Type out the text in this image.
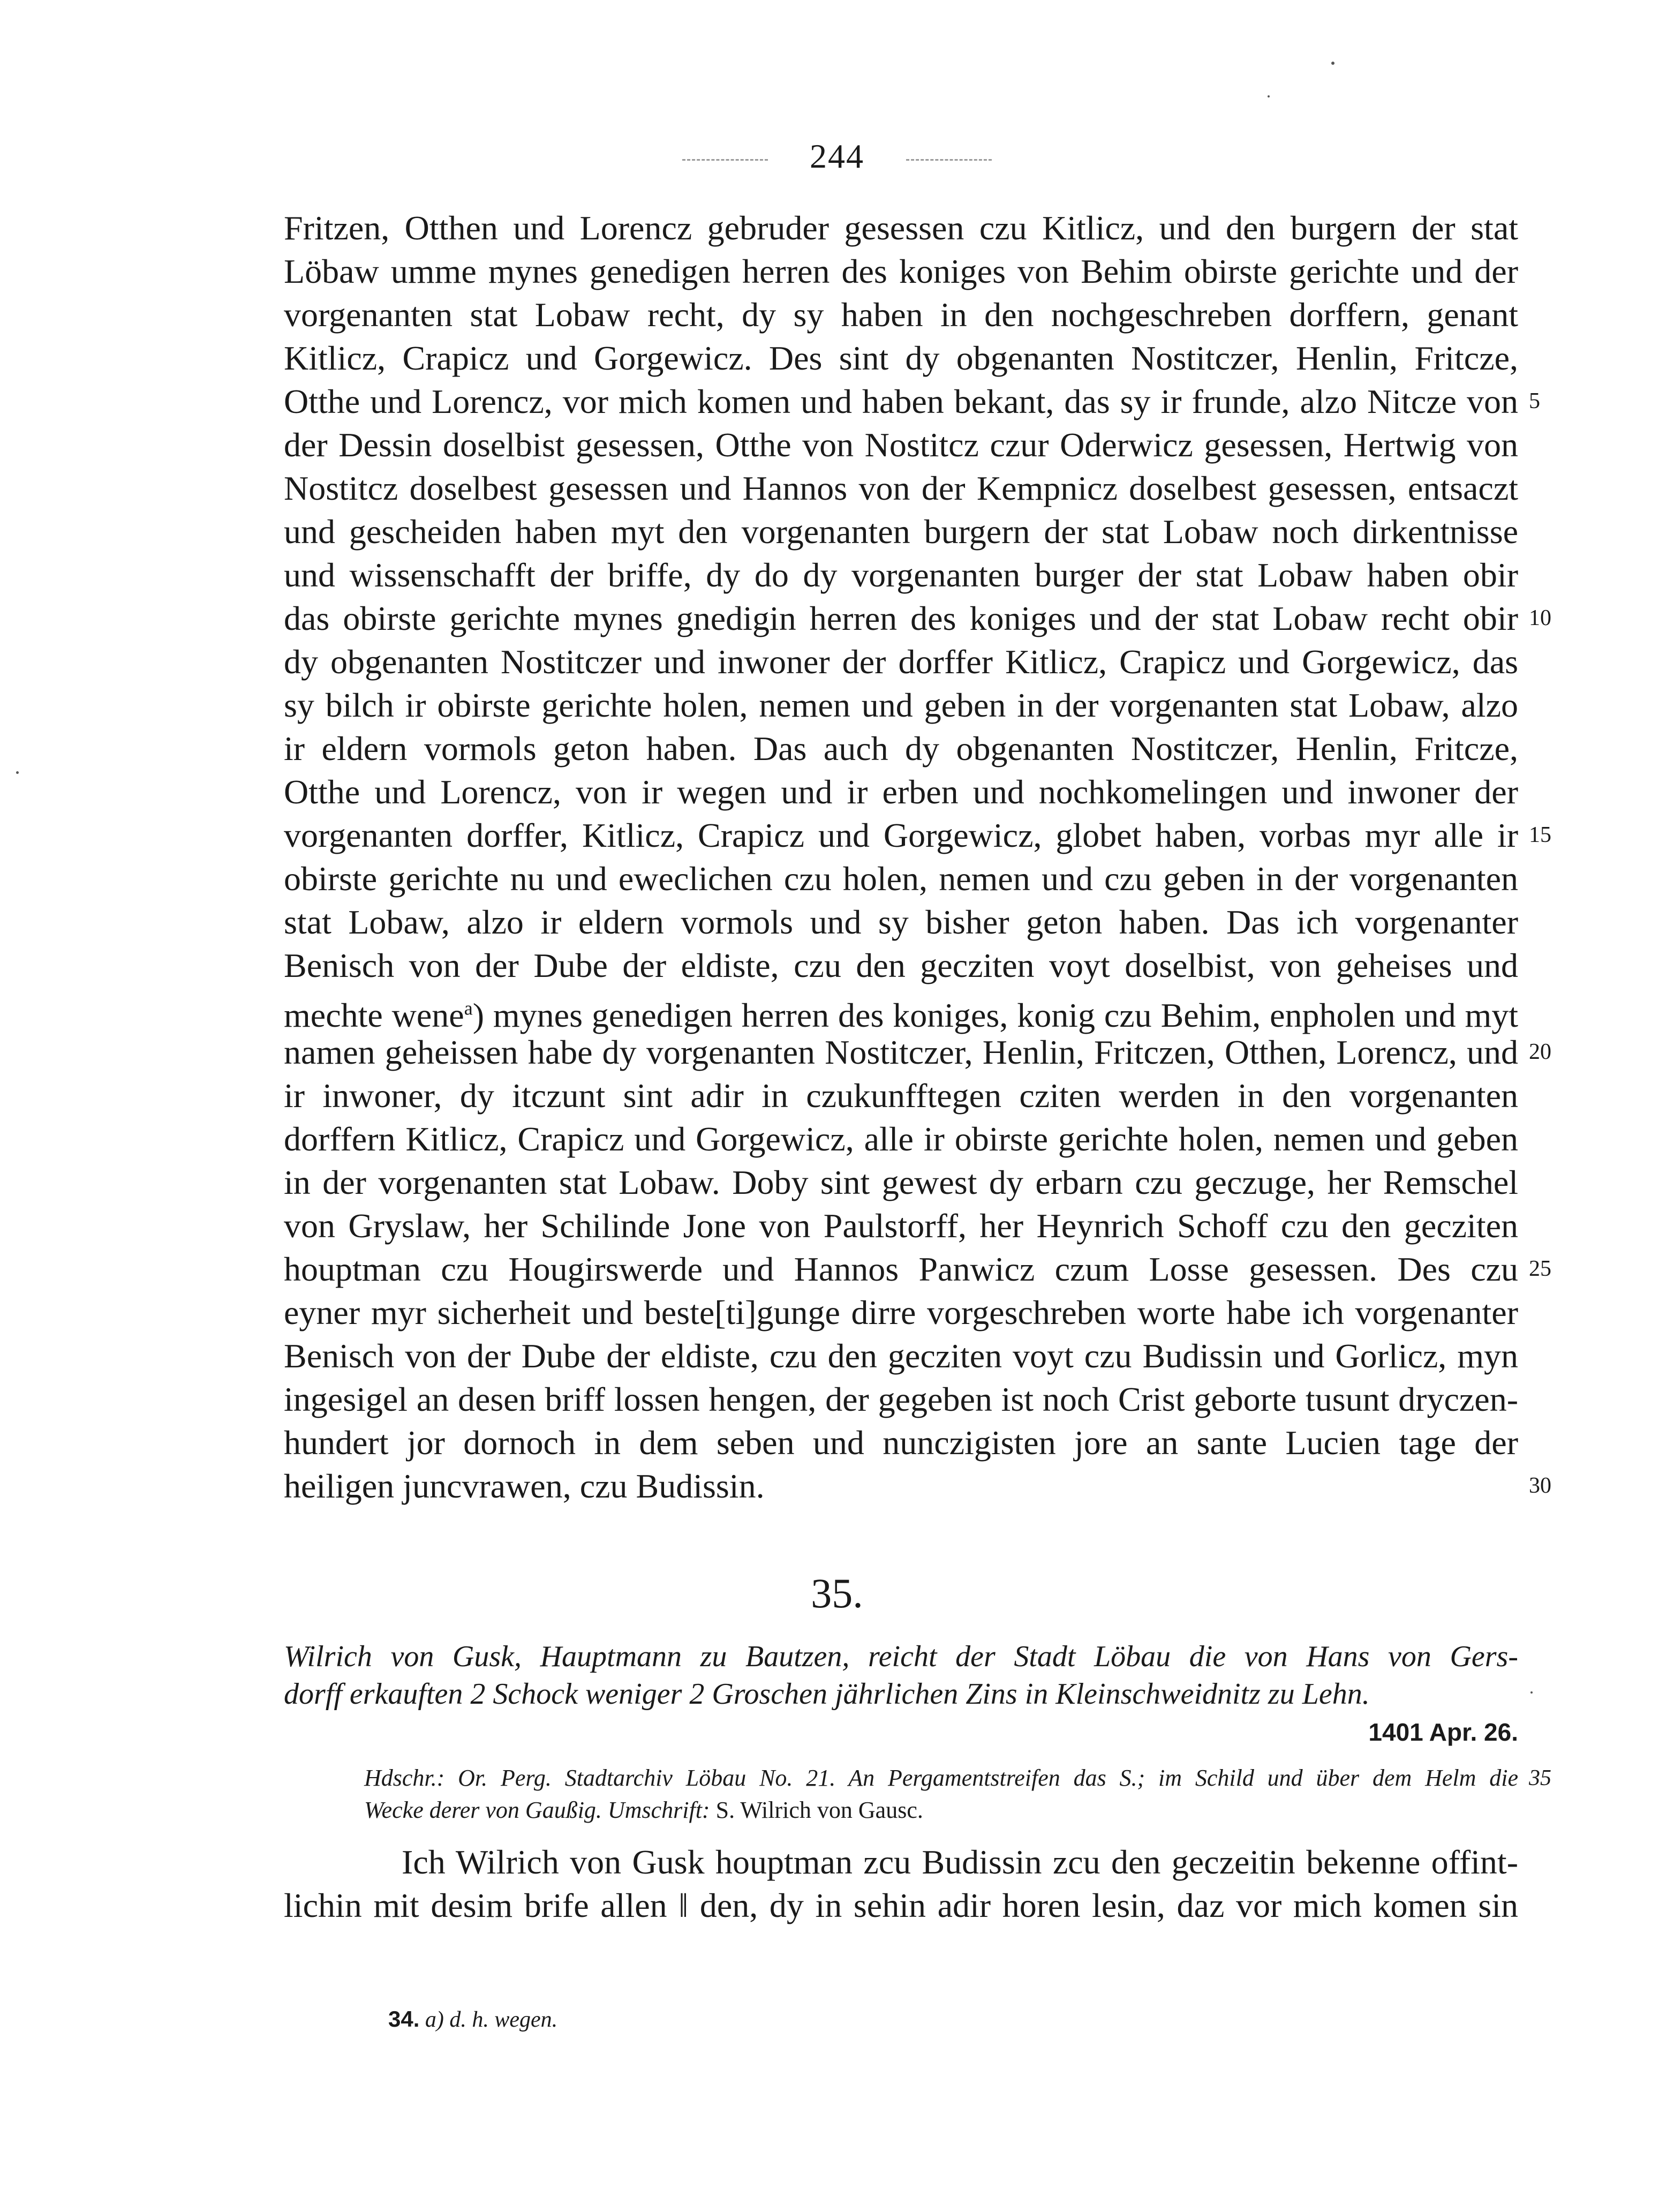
244
Fritzen, Otthen und Lorencz gebruder gesessen czu Kitlicz, und den burgern der stat
Löbaw umme mynes genedigen herren des koniges von Behim obirste gerichte und der
vorgenanten stat Lobaw recht, dy sy haben in den nochgeschreben dorffern, genant
Kitlicz, Crapicz und Gorgewicz. Des sint dy obgenanten Nostitczer, Henlin, Fritcze,
Otthe und Lorencz, vor mich komen und haben bekant, das sy ir frunde, alzo Nitcze von 5
der Dessin doselbist gesessen, Otthe von Nostitcz czur Oderwicz gesessen, Hertwig von
Nostitcz doselbest gesessen und Hannos von der Kempnicz doselbest gesessen, entsaczt
und gescheiden haben myt den vorgenanten burgern der stat Lobaw noch dirkentnisse
und wissenschafft der briffe, dy do dy vorgenanten burger der stat Lobaw haben obir
das obirste gerichte mynes gnedigin herren des koniges und der stat Lobaw recht obir 10
dy obgenanten Nostitczer und inwoner der dorffer Kitlicz, Crapicz und Gorgewicz, das
sy bilch ir obirste gerichte holen, nemen und geben in der vorgenanten stat Lobaw, alzo
ir eldern vormols geton haben. Das auch dy obgenanten Nostitczer, Henlin, Fritcze,
Otthe und Lorencz, von ir wegen und ir erben und nochkomelingen und inwoner der
vorgenanten dorffer, Kitlicz, Crapicz und Gorgewicz, globet haben, vorbas myr alle ir 15
obirste gerichte nu und eweclichen czu holen, nemen und czu geben in der vorgenanten
stat Lobaw, alzo ir eldern vormols und sy bisher geton haben. Das ich vorgenanter
Benisch von der Dube der eldiste, czu den gecziten voyt doselbist, von geheises und
mechte wene$^a$) mynes genedigen herren des koniges, konig czu Behim, enpholen und myt
namen geheissen habe dy vorgenanten Nostitczer, Henlin, Fritczen, Otthen, Lorencz, und 20
ir inwoner, dy itczunt sint adir in czukunfftegen cziten werden in den vorgenanten
dorffern Kitlicz, Crapicz und Gorgewicz, alle ir obirste gerichte holen, nemen und geben
in der vorgenanten stat Lobaw. Doby sint gewest dy erbarn czu geczuge, her Remschel
von Gryslaw, her Schilinde Jone von Paulstorff, her Heynrich Schoff czu den gecziten
houptman czu Hougirswerde und Hannos Panwicz czum Losse gesessen. Des czu 25
eyner myr sicherheit und beste[ti]gunge dirre vorgeschreben worte habe ich vorgenanter
Benisch von der Dube der eldiste, czu den gecziten voyt czu Budissin und Gorlicz, myn
ingesigel an desen briff lossen hengen, der gegeben ist noch Crist geborte tusunt dryczen-
hundert jor dornoch in dem seben und nunczigisten jore an sante Lucien tage der
heiligen juncvrawen, czu Budissin.	30
35.
Wilrich von Gusk, Hauptmann zu Bautzen, reicht der Stadt Löbau die von Hans von Gers-
dorff erkauften 2 Schock weniger 2 Groschen jährlichen Zins in Kleinschweidnitz zu Lehn.
1401 Apr. 26.
Hdschr.: Or. Perg. Stadtarchiv Löbau No. 21. An Pergamentstreifen das S.; im Schild und über dem Helm die 35
Wecke derer von Gaußig. Umschrift: S. Wilrich von Gausc.
Ich Wilrich von Gusk houptman zcu Budissin zcu den geczeitin bekenne offint-
lichin mit desim brife allen ‖ den, dy in sehin adir horen lesin, daz vor mich komen sin
34. a) d. h. wegen.
